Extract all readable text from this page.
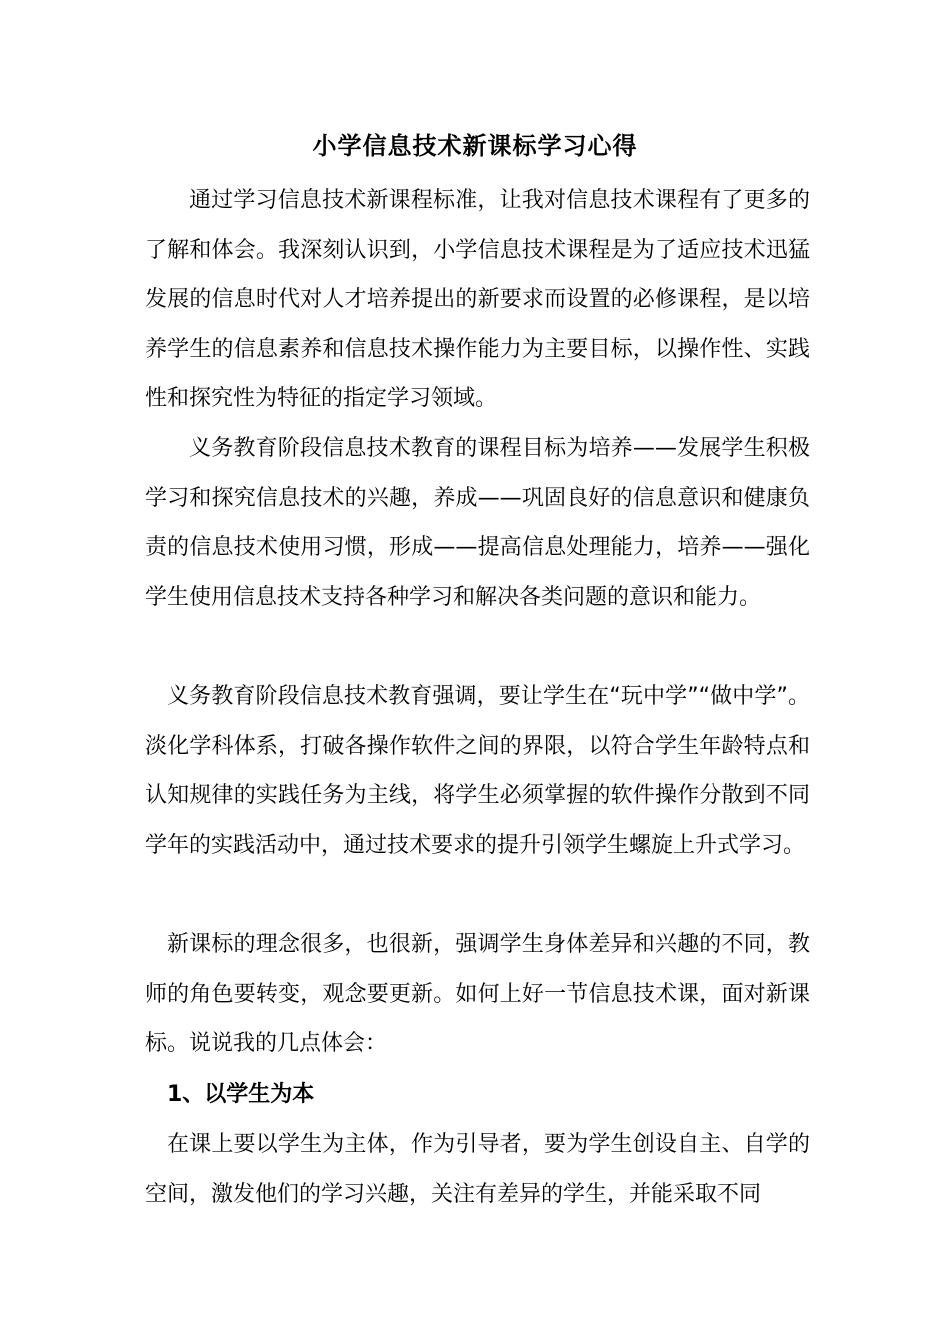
小学信息技术新课标学习心得

通过学习信息技术新课程标准，让我对信息技术课程有了更多的了解和体会。我深刻认识到，小学信息技术课程是为了适应技术迅猛发展的信息时代对人才培养提出的新要求而设置的必修课程，是以培养学生的信息素养和信息技术操作能力为主要目标，以操作性、实践性和探究性为特征的指定学习领域。

义务教育阶段信息技术教育的课程目标为培养——发展学生积极学习和探究信息技术的兴趣，养成——巩固良好的信息意识和健康负责的信息技术使用习惯，形成——提高信息处理能力，培养——强化学生使用信息技术支持各种学习和解决各类问题的意识和能力。

义务教育阶段信息技术教育强调，要让学生在“玩中学”“做中学”。淡化学科体系，打破各操作软件之间的界限，以符合学生年龄特点和认知规律的实践任务为主线，将学生必须掌握的软件操作分散到不同学年的实践活动中，通过技术要求的提升引领学生螺旋上升式学习。

新课标的理念很多，也很新，强调学生身体差异和兴趣的不同，教师的角色要转变，观念要更新。如何上好一节信息技术课，面对新课标。说说我的几点体会：

1、以学生为本

在课上要以学生为主体，作为引导者，要为学生创设自主、自学的空间，激发他们的学习兴趣，关注有差异的学生，并能采取不同
